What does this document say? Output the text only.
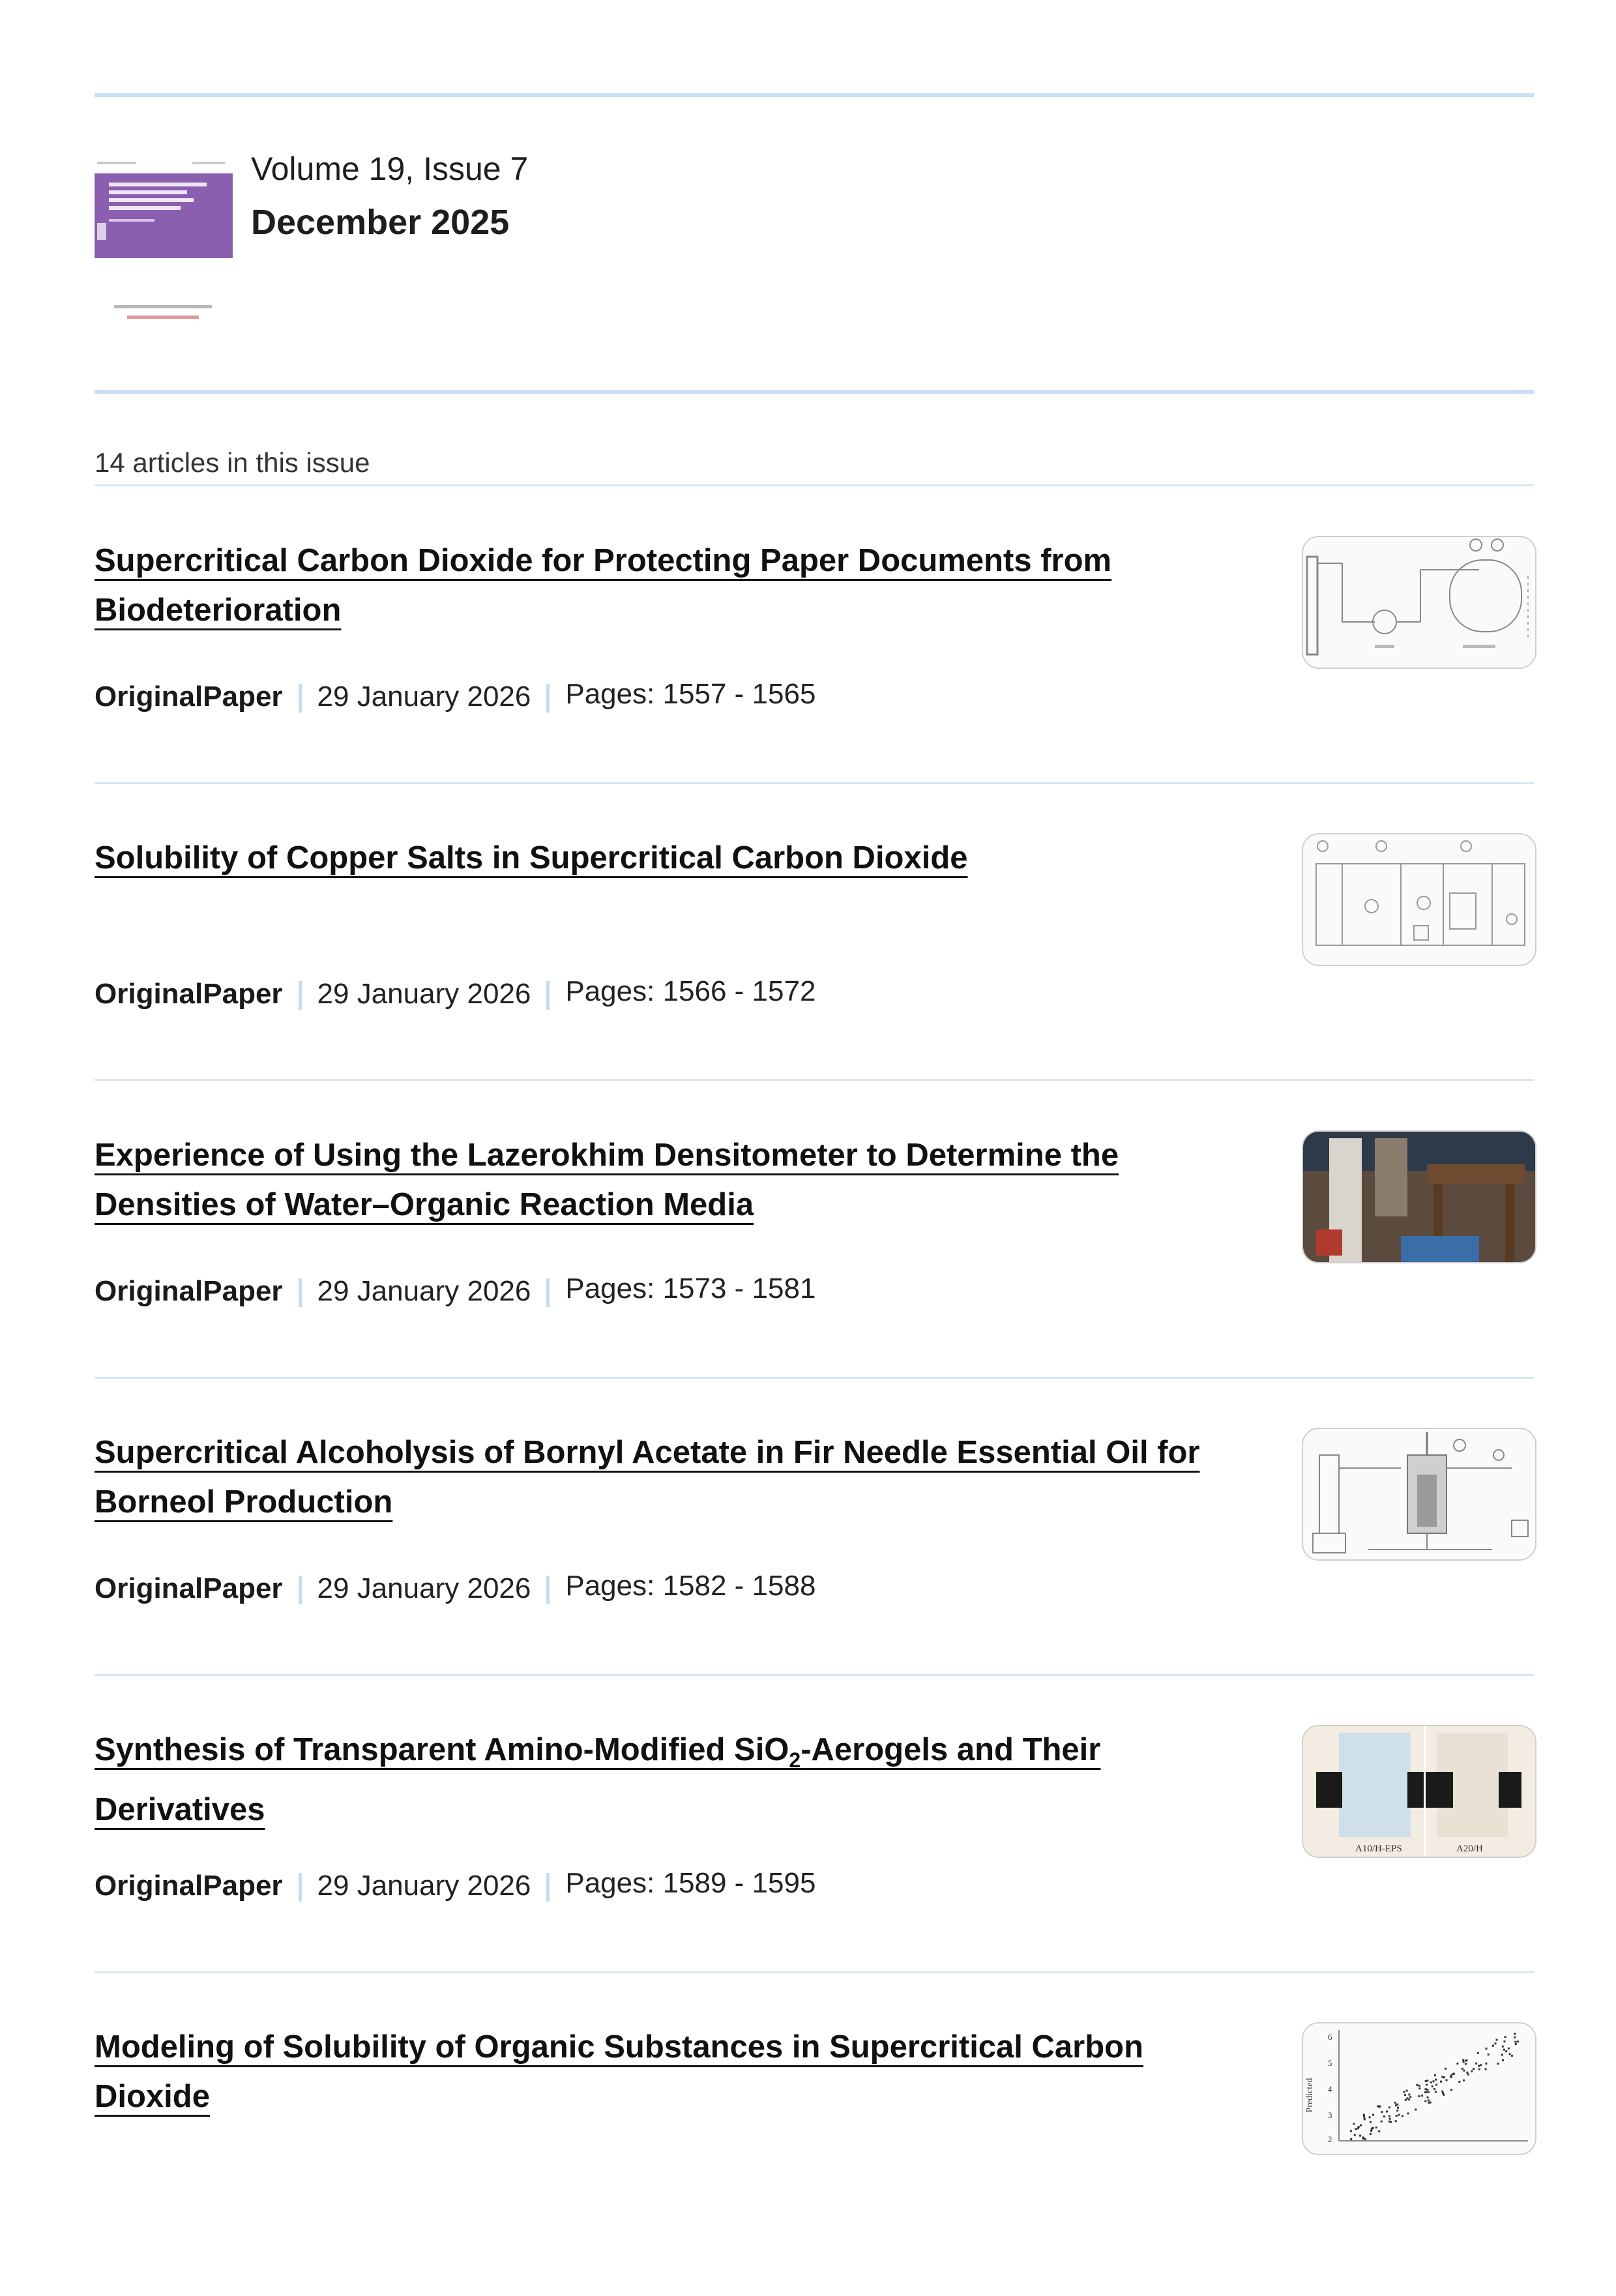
Volume 19, Issue 7
December 2025
14 articles in this issue
Supercritical Carbon Dioxide for Protecting Paper Documents from Biodeterioration
OriginalPaper 29 January 2026 Pages: 1557 - 1565
Solubility of Copper Salts in Supercritical Carbon Dioxide
OriginalPaper 29 January 2026 Pages: 1566 - 1572
Experience of Using the Lazerokhim Densitometer to Determine the Densities of Water–Organic Reaction Media
OriginalPaper 29 January 2026 Pages: 1573 - 1581
Supercritical Alcoholysis of Bornyl Acetate in Fir Needle Essential Oil for Borneol Production
OriginalPaper 29 January 2026 Pages: 1582 - 1588
Synthesis of Transparent Amino-Modified SiO$_2$-Aerogels and Their Derivatives
OriginalPaper 29 January 2026 Pages: 1589 - 1595
A10/H-EPS	A20/H
Modeling of Solubility of Organic Substances in Supercritical Carbon Dioxide	Predicted
2
3
4
5
6
